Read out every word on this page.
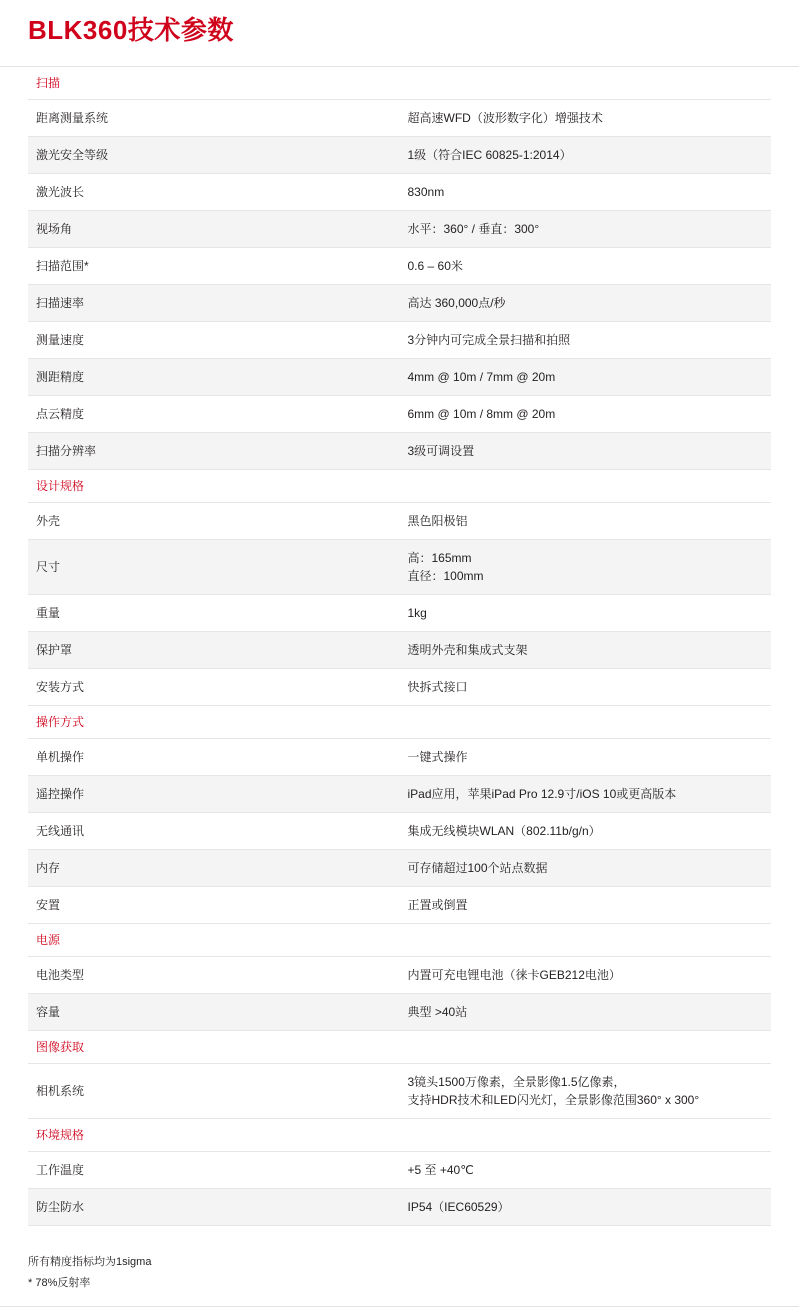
BLK360技术参数
扫描	
距离测量系统	超高速WFD（波形数字化）增强技术

激光安全等级	1级（符合IEC 60825-1:2014）

激光波长	830nm

视场角	水平：360° / 垂直：300°

扫描范围*	0.6 – 60米

扫描速率	高达 360,000点/秒

测量速度	3分钟内可完成全景扫描和拍照

测距精度	4mm @ 10m / 7mm @ 20m

点云精度	6mm @ 10m / 8mm @ 20m

扫描分辨率	3级可调设置

设计规格	
外壳	黑色阳极铝

尺寸	高：165mm
直径：100mm

重量	1kg

保护罩	透明外壳和集成式支架

安装方式	快拆式接口

操作方式	
单机操作	一键式操作

遥控操作	iPad应用，苹果iPad Pro 12.9寸/iOS 10或更高版本

无线通讯	集成无线模块WLAN（802.11b/g/n）

内存	可存储超过100个站点数据

安置	正置或倒置

电源	
电池类型	内置可充电锂电池（徕卡GEB212电池）

容量	典型 >40站

图像获取	
相机系统	3镜头1500万像素，全景影像1.5亿像素，
支持HDR技术和LED闪光灯，全景影像范围360° x 300°

环境规格	
工作温度	+5 至 +40℃

防尘防水	IP54（IEC60529）
所有精度指标均为1sigma
* 78%反射率
